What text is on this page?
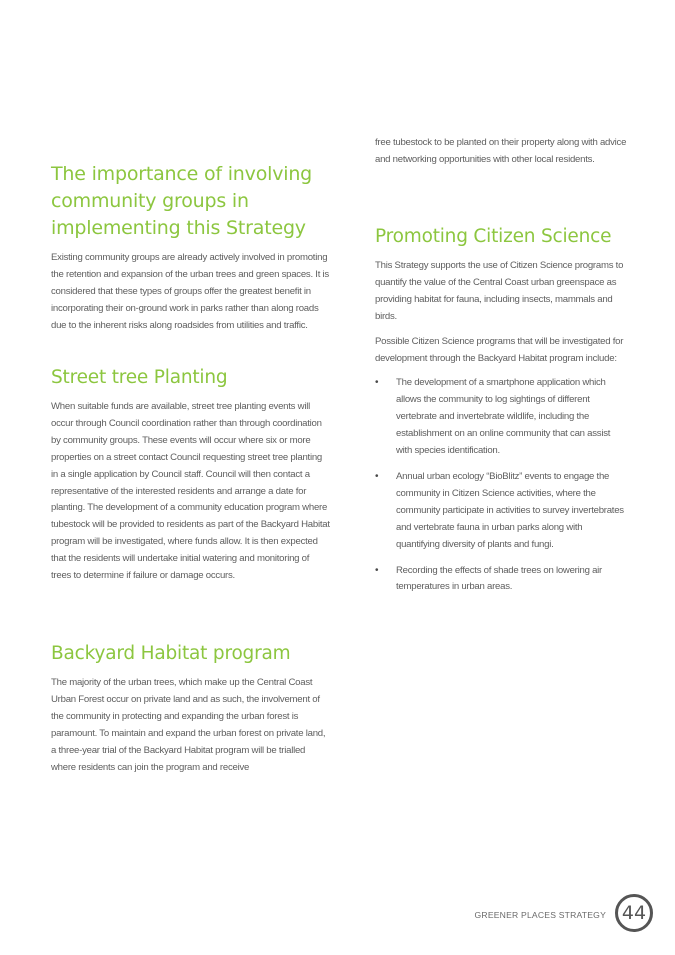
The importance of involving community groups in implementing this Strategy

Existing community groups are already actively involved in promoting the retention and expansion of the urban trees and green spaces. It is considered that these types of groups offer the greatest benefit in incorporating their on-ground work in parks rather than along roads due to the inherent risks along roadsides from utilities and traffic.

Street tree Planting

When suitable funds are available, street tree planting events will occur through Council coordination rather than through coordination by community groups. These events will occur where six or more properties on a street contact Council requesting street tree planting in a single application by Council staff. Council will then contact a representative of the interested residents and arrange a date for planting. The development of a community education program where tubestock will be provided to residents as part of the Backyard Habitat program will be investigated, where funds allow. It is then expected that the residents will undertake initial watering and monitoring of trees to determine if failure or damage occurs.

Backyard Habitat program

The majority of the urban trees, which make up the Central Coast Urban Forest occur on private land and as such, the involvement of the community in protecting and expanding the urban forest is paramount. To maintain and expand the urban forest on private land, a three-year trial of the Backyard Habitat program will be trialled where residents can join the program and receive

free tubestock to be planted on their property along with advice and networking opportunities with other local residents.

Promoting Citizen Science

This Strategy supports the use of Citizen Science programs to quantify the value of the Central Coast urban greenspace as providing habitat for fauna, including insects, mammals and birds.

Possible Citizen Science programs that will be investigated for development through the Backyard Habitat program include:

• The development of a smartphone application which allows the community to log sightings of different vertebrate and invertebrate wildlife, including the establishment on an online community that can assist with species identification.

• Annual urban ecology “BioBlitz” events to engage the community in Citizen Science activities, where the community participate in activities to survey invertebrates and vertebrate fauna in urban parks along with quantifying diversity of plants and fungi.

• Recording the effects of shade trees on lowering air temperatures in urban areas.

GREENER PLACES STRATEGY 44
